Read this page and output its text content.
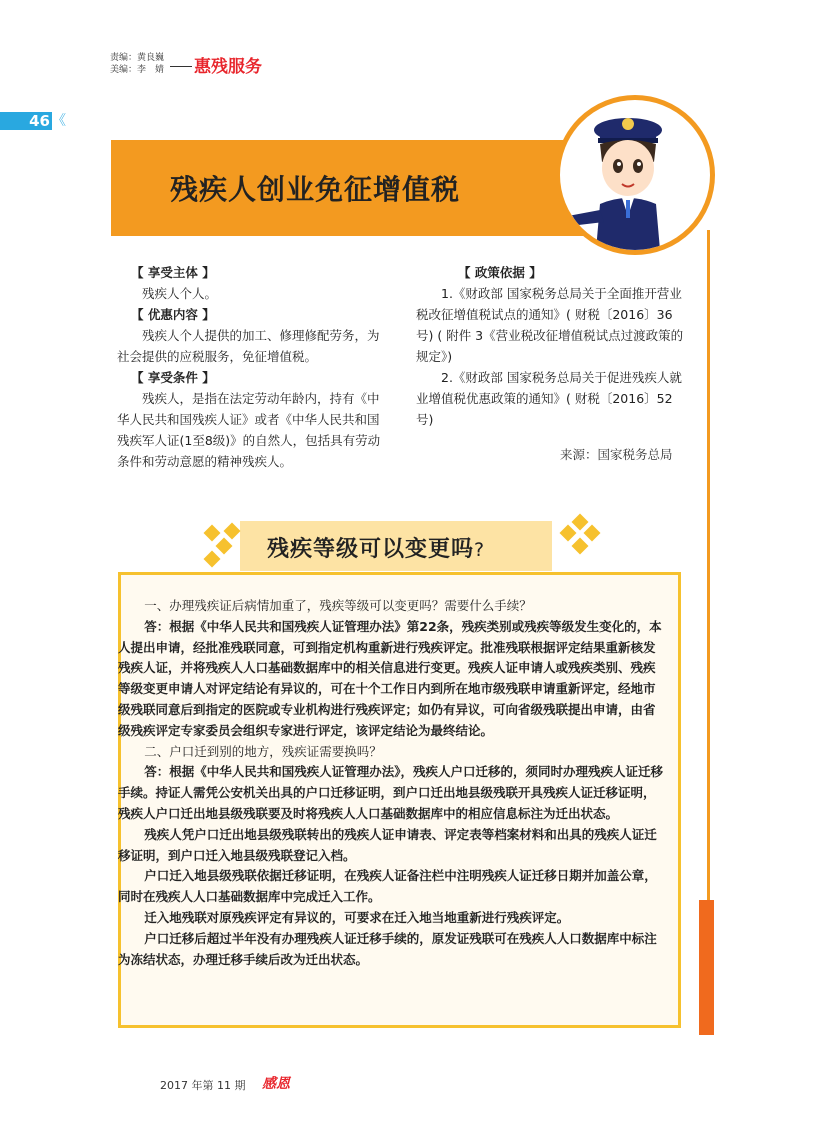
责编：黄良巍
美编：李　婧 惠残服务
46 《
残疾人创业免征增值税

【 享受主体 】

残疾人个人。

【 优惠内容 】

残疾人个人提供的加工、修理修配劳务，为社会提供的应税服务，免征增值税。

【 享受条件 】

残疾人，是指在法定劳动年龄内，持有《中华人民共和国残疾人证》或者《中华人民共和国残疾军人证(1至8级)》的自然人，包括具有劳动条件和劳动意愿的精神残疾人。

【 政策依据 】

1.《财政部 国家税务总局关于全面推开营业税改征增值税试点的通知》( 财税〔2016〕36号) ( 附件 3《营业税改征增值税试点过渡政策的规定》)

2.《财政部 国家税务总局关于促进残疾人就业增值税优惠政策的通知》( 财税〔2016〕52号)

来源：国家税务总局
残疾等级可以变更吗?

一、办理残疾证后病情加重了，残疾等级可以变更吗？需要什么手续？

答：根据《中华人民共和国残疾人证管理办法》第22条，残疾类别或残疾等级发生变化的，本人提出申请，经批准残联同意，可到指定机构重新进行残疾评定。批准残联根据评定结果重新核发残疾人证，并将残疾人人口基础数据库中的相关信息进行变更。残疾人证申请人或残疾类别、残疾等级变更申请人对评定结论有异议的，可在十个工作日内到所在地市级残联申请重新评定，经地市级残联同意后到指定的医院或专业机构进行残疾评定；如仍有异议，可向省级残联提出申请，由省级残疾评定专家委员会组织专家进行评定，该评定结论为最终结论。

二、户口迁到别的地方，残疾证需要换吗？

答：根据《中华人民共和国残疾人证管理办法》，残疾人户口迁移的，须同时办理残疾人证迁移手续。持证人需凭公安机关出具的户口迁移证明，到户口迁出地县级残联开具残疾人证迁移证明，残疾人户口迁出地县级残联要及时将残疾人人口基础数据库中的相应信息标注为迁出状态。

残疾人凭户口迁出地县级残联转出的残疾人证申请表、评定表等档案材料和出具的残疾人证迁移证明，到户口迁入地县级残联登记入档。

户口迁入地县级残联依据迁移证明，在残疾人证备注栏中注明残疾人证迁移日期并加盖公章，同时在残疾人人口基础数据库中完成迁入工作。

迁入地残联对原残疾评定有异议的，可要求在迁入地当地重新进行残疾评定。

户口迁移后超过半年没有办理残疾人证迁移手续的，原发证残联可在残疾人人口数据库中标注为冻结状态，办理迁移手续后改为迁出状态。

2017 年第 11 期 感恩
